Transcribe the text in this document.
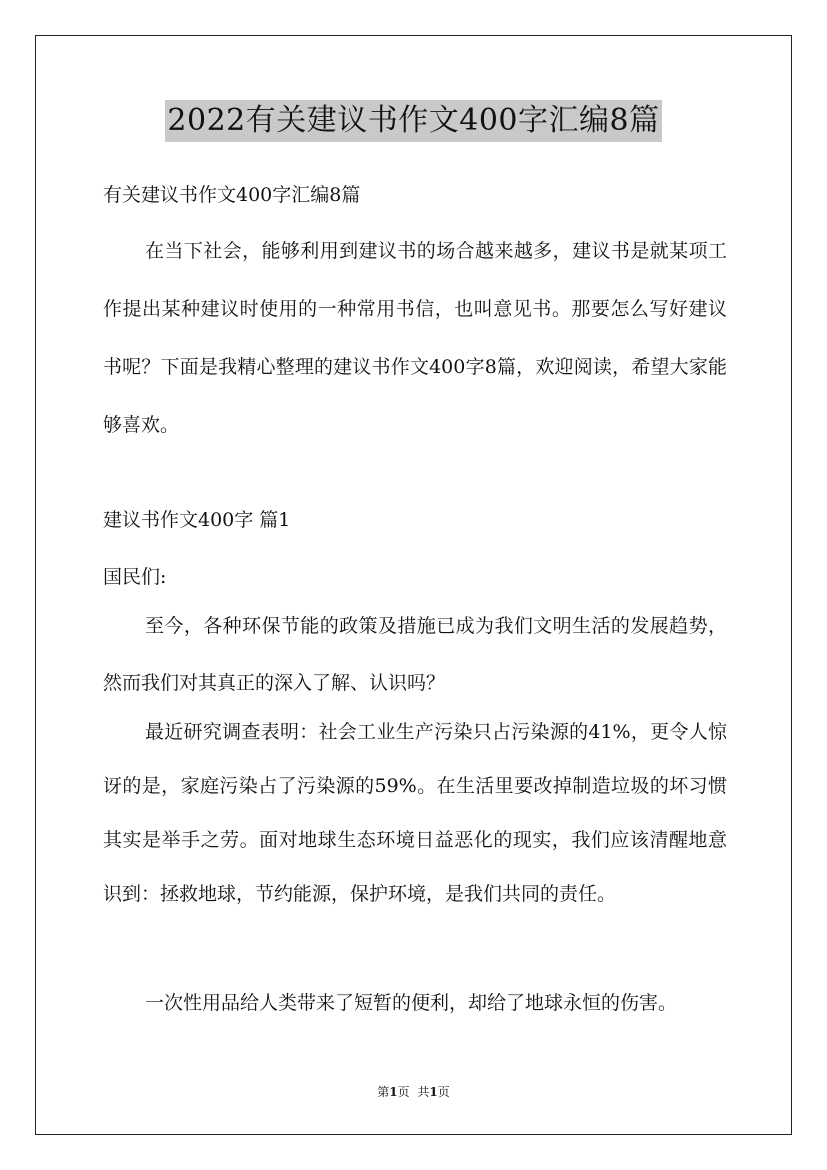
2022有关建议书作文400字汇编8篇
有关建议书作文400字汇编8篇
在当下社会，能够利用到建议书的场合越来越多，建议书是就某项工作提出某种建议时使用的一种常用书信，也叫意见书。那要怎么写好建议书呢？下面是我精心整理的建议书作文400字8篇，欢迎阅读，希望大家能够喜欢。
建议书作文400字 篇1
国民们:
至今，各种环保节能的政策及措施已成为我们文明生活的发展趋势，然而我们对其真正的深入了解、认识吗？
最近研究调查表明：社会工业生产污染只占污染源的41%，更令人惊讶的是，家庭污染占了污染源的59%。在生活里要改掉制造垃圾的坏习惯其实是举手之劳。面对地球生态环境日益恶化的现实，我们应该清醒地意识到：拯救地球，节约能源，保护环境，是我们共同的责任。
一次性用品给人类带来了短暂的便利，却给了地球永恒的伤害。
第1页 共1页
